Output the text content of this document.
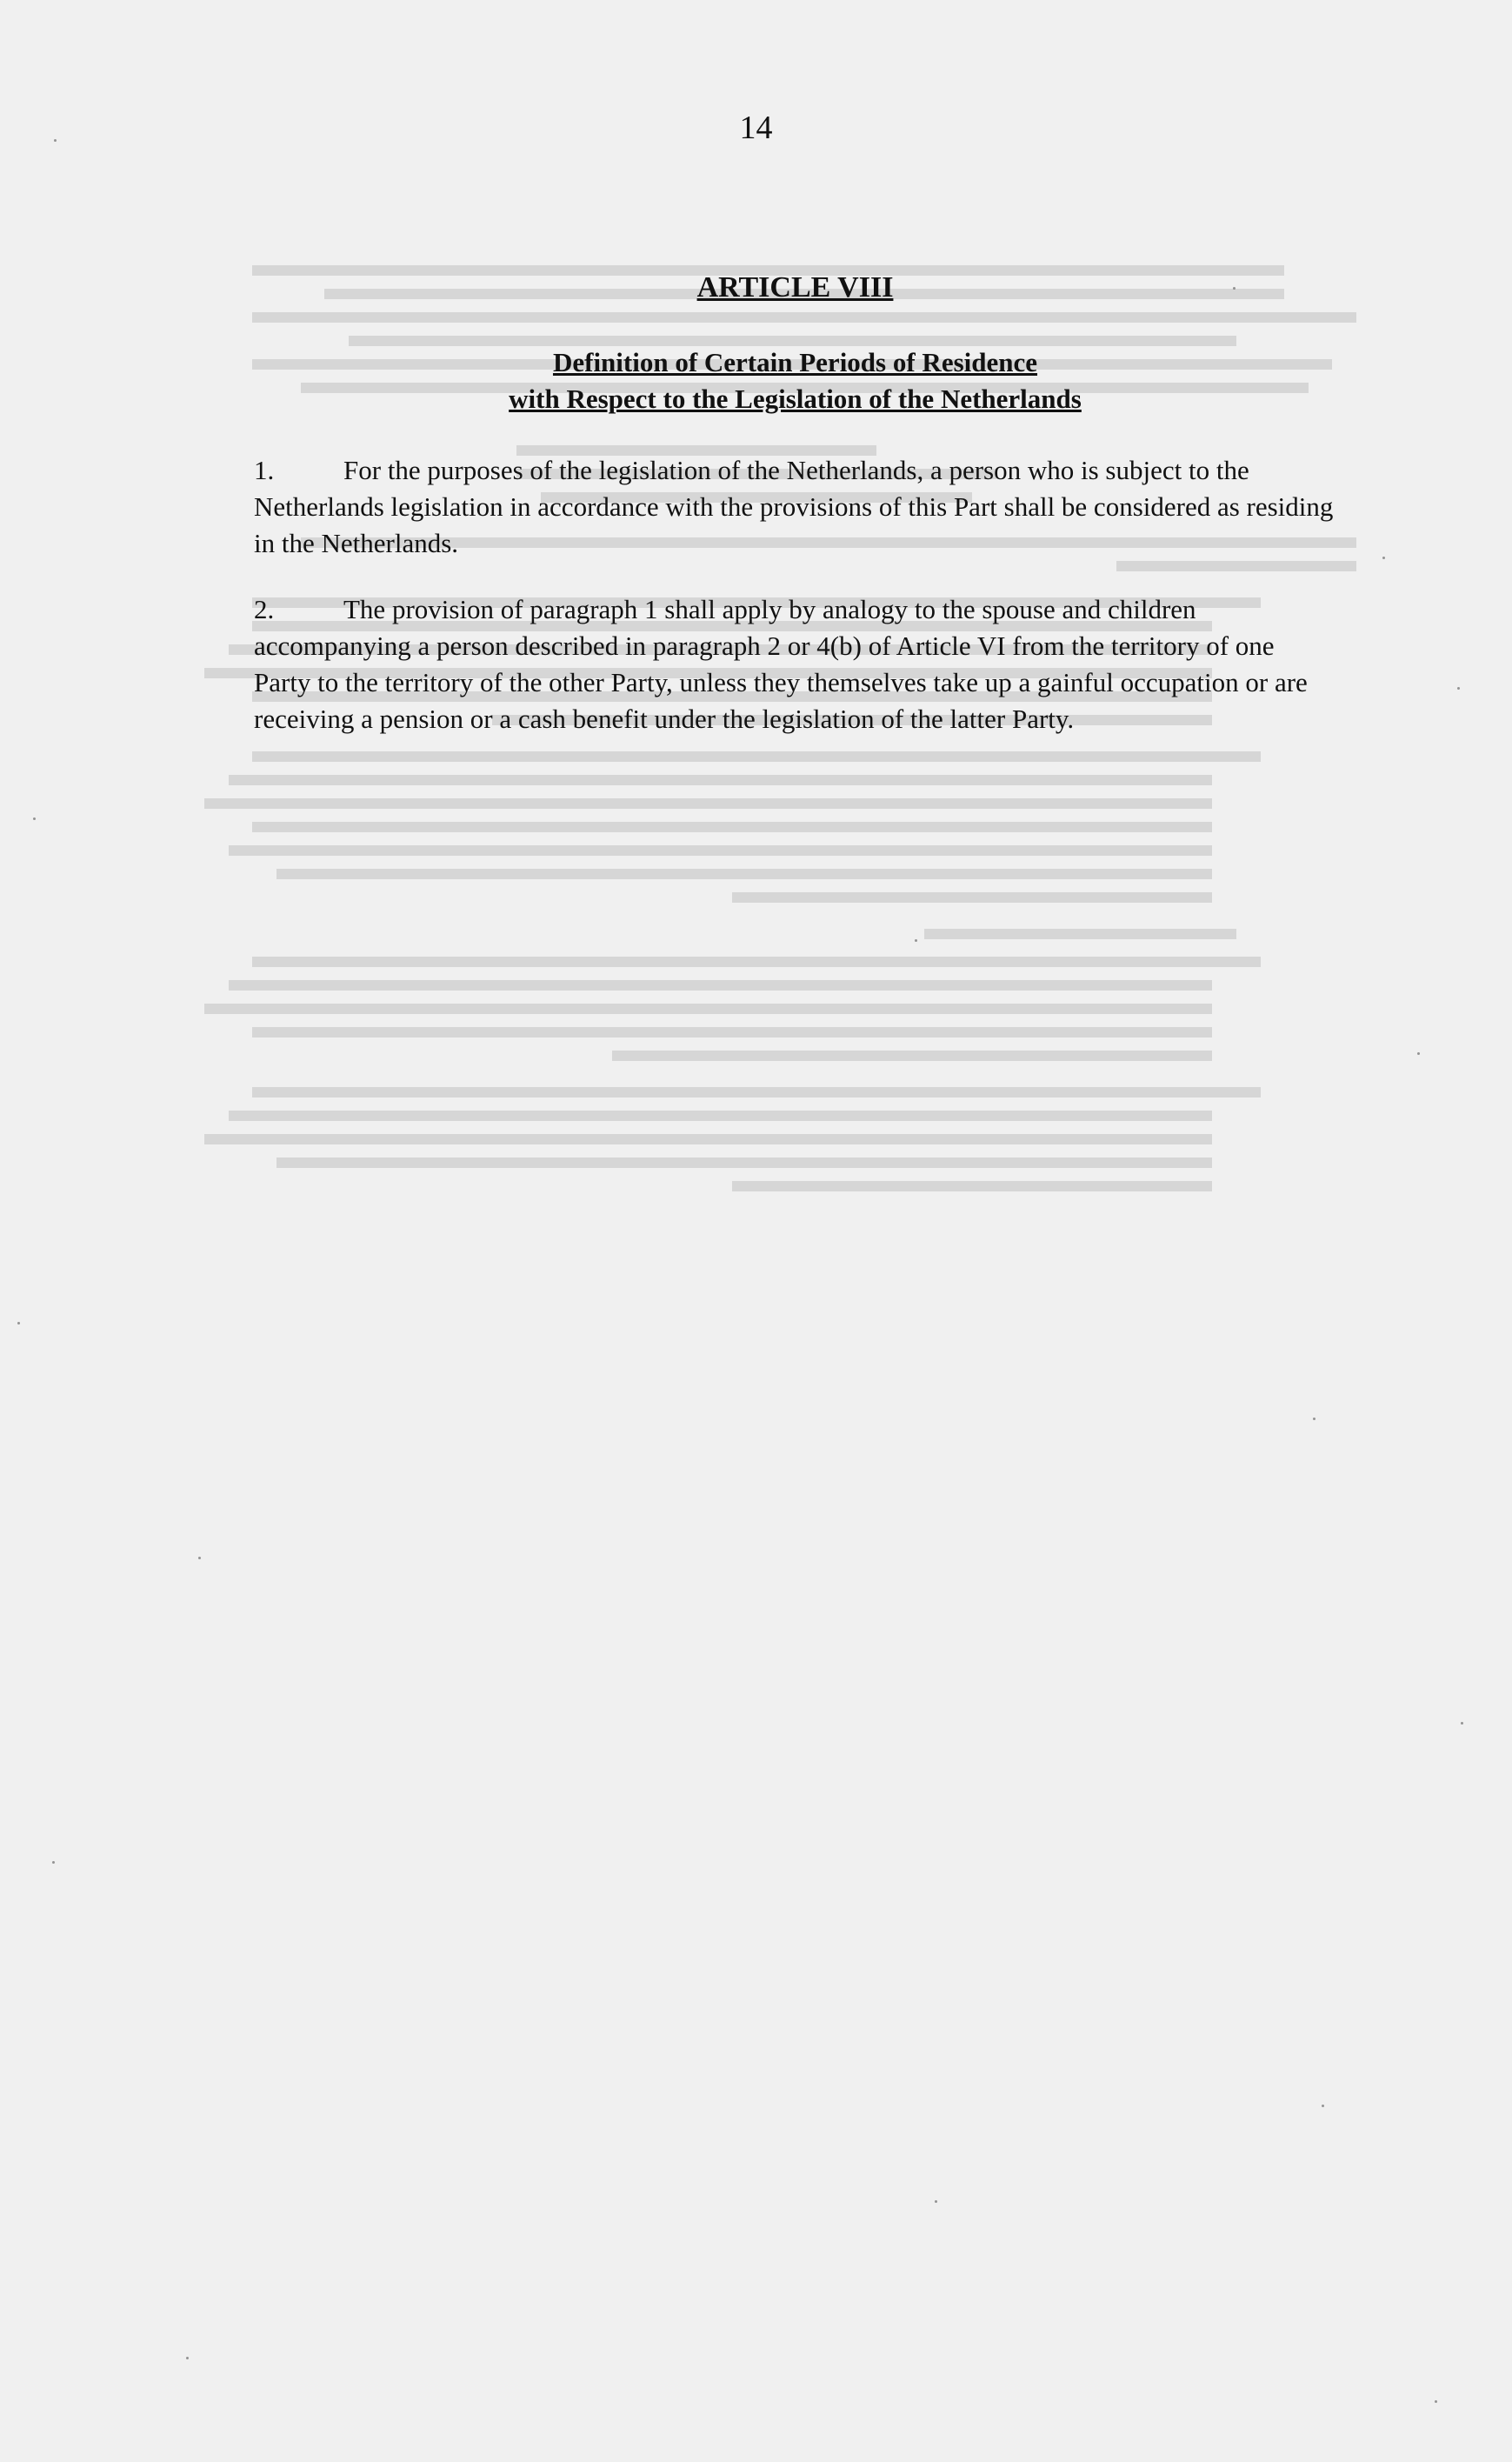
14
ARTICLE VIII
Definition of Certain Periods of Residence
with Respect to the Legislation of the Netherlands
1.	For the purposes of the legislation of the Netherlands, a person who is subject to the Netherlands legislation in accordance with the provisions of this Part shall be considered as residing in the Netherlands.
2.	The provision of paragraph 1 shall apply by analogy to the spouse and children accompanying a person described in paragraph 2 or 4(b) of Article VI from the territory of one Party to the territory of the other Party, unless they themselves take up a gainful occupation or are receiving a pension or a cash benefit under the legislation of the latter Party.
